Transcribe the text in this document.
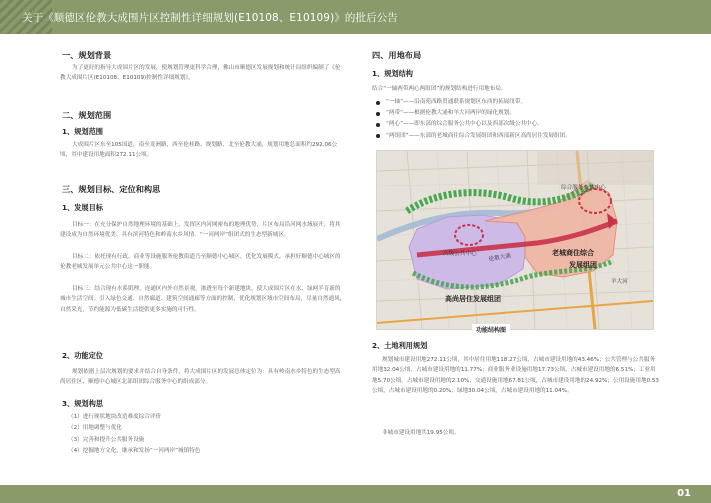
关于《顺德区伦教大成围片区控制性详细规划(E10108、E10109)》的批后公告
一、规划背景

为了更好的指导大成围片区的发展，使规划管理更科学合理，佛山市顺德区发展规划和统计局组织编制了《伦教大成围片区(E10108、E10109)控制性详细规划》。

二、规划范围
1、规划范围

大成围片区东至105国道，南至龙洲路，西至伦桂路、规划路，北至伦教大涌，规划用地总面积约292.06公顷，其中建设用地面积272.11公顷。

三、规划目标、定位和构思
1、发展目标

目标一：在充分保护自然地理环境的基础上，发挥区内河网密布的地理优势，片区布局沿河网水域展开，将其建设成为自然环境优美、具有滨河特色和岭南水乡风情、“一河两岸”组团式的生态型新城区。

目标二：依托现有行政、商业等设施服务伦教街道乃至顺德中心城区，优化发展模式，承担好顺德中心城区的伦教老城发展单元公共中心这一职能。

目标三：结合现有水系肌理，连通区内外自然景观，渗透至每个新建地块，使大成围片区在水、绿网半育新的城市生活空间；引入绿色交通、自然廊道、建筑空间通廊等方面的控制，优化规划区域市空间布局，尽量自然通风，自然采光，节约能源为低碳生活提供更多实施的可行性。

2、功能定位

规划依据上层次规划的要求并结合自身条件，将大成围片区的发展总体定位为：具有岭南水乡特色的生态型高尚居住区、顺德中心城区北部组团综合服务中心的组成部分。

3、规划构思
（1）进行现状地块改造难度综合评价
（2）用地调整与优化
（3）完善和提升公共服务设施
（4）挖掘地方文化，继承和发扬“一河两岸”城镇特色
四、用地布局
1、规划结构

结合“一轴两带两心两组团”的规划结构进行用地布局。

“一轴”——沿南苑西路贯通联系规划区东西的拓展纽带。
“两带”——根据伦教大涌和羊大河两岸的绿化规划。
“两心”——即东部的综合服务公共中心以及西部次级公共中心。
“两组团”——东部的老城商住综合发展组团和西部新区高尚居住发展组团。
综合服务公共中心
次级公共中心 伦教大涌
老城商住综合
发展组团
高尚居住发展组团
羊大河
功能结构图
2、土地利用规划

规划城市建设用地272.11公顷，其中居住用地118.27公顷，占城市建设用地的43.46%；公共管理与公共服务用地32.04公顷，占城市建设用地的11.77%；商业服务业设施用地17.73公顷，占城市建设用地的6.51%；工业用地5.70公顷，占城市建设用地的2.10%；交通设施用地67.81公顷，占城市建设用地的24.92%；公用设施用地0.53公顷，占城市建设用地的0.20%；绿地30.04公顷，占城市建设用地的11.04%。

非城市建设用地共19.95公顷。

01
